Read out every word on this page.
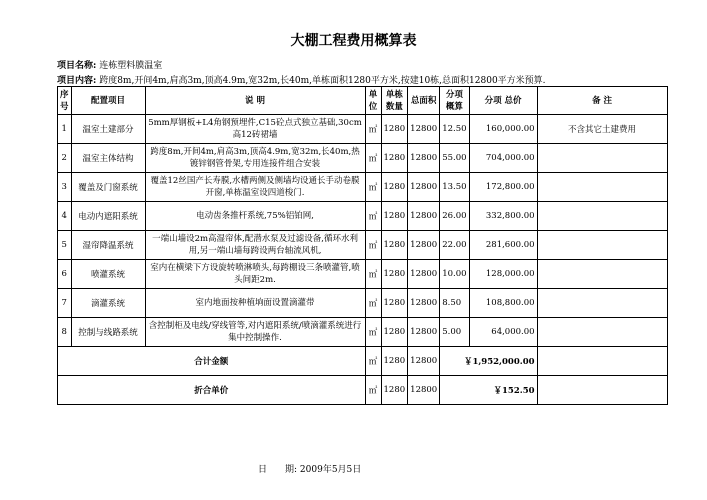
大棚工程费用概算表
项目名称: 连栋塑料膜温室
项目内容: 跨度8m,开间4m,肩高3m,顶高4.9m,宽32m,长40m,单栋面积1280平方米,按建10栋,总面积12800平方米预算.
序号	配置项目	说 明	单位	单栋数量	总面积	分项概算	分项 总价	备 注
1	温室土建部分	5mm厚钢板+L4角钢预埋件,C15砼点式独立基础,30cm高12砖裙墙	㎡	1280	12800	12.50	160,000.00	不含其它土建费用
2	温室主体结构	跨度8m,开间4m,肩高3m,顶高4.9m,宽32m,长40m,热镀锌钢管骨架,专用连接件组合安装	㎡	1280	12800	55.00	704,000.00	
3	覆盖及门窗系统	覆盖12丝国产长寿膜,水槽两侧及侧墙均设通长手动卷膜开窗,单栋温室设四道梭门.	㎡	1280	12800	13.50	172,800.00	
4	电动内遮阳系统	电动齿条推杆系统,75%铝铂网,	㎡	1280	12800	26.00	332,800.00	
5	湿帘降温系统	一端山墙设2m高湿帘体,配潜水泵及过滤设备,循环水利用,另一端山墙每跨设两台轴流风机,	㎡	1280	12800	22.00	281,600.00	
6	喷灌系统	室内在横梁下方设旋转喷淋喷头,每跨棚设三条喷灌管,喷头间距2m.	㎡	1280	12800	10.00	128,000.00	
7	滴灌系统	室内地面按种植垧面设置滴灌带	㎡	1280	12800	8.50	108,800.00	
8	控制与线路系统	含控制柜及电线/穿线管等,对内遮阳系统/喷滴灌系统进行集中控制操作.	㎡	1280	12800	5.00	64,000.00	
合计金额			㎡	1280	12800	￥1,952,000.00		
折合单价			㎡	1280	12800	￥152.50		
日　　期: 2009年5月5日
